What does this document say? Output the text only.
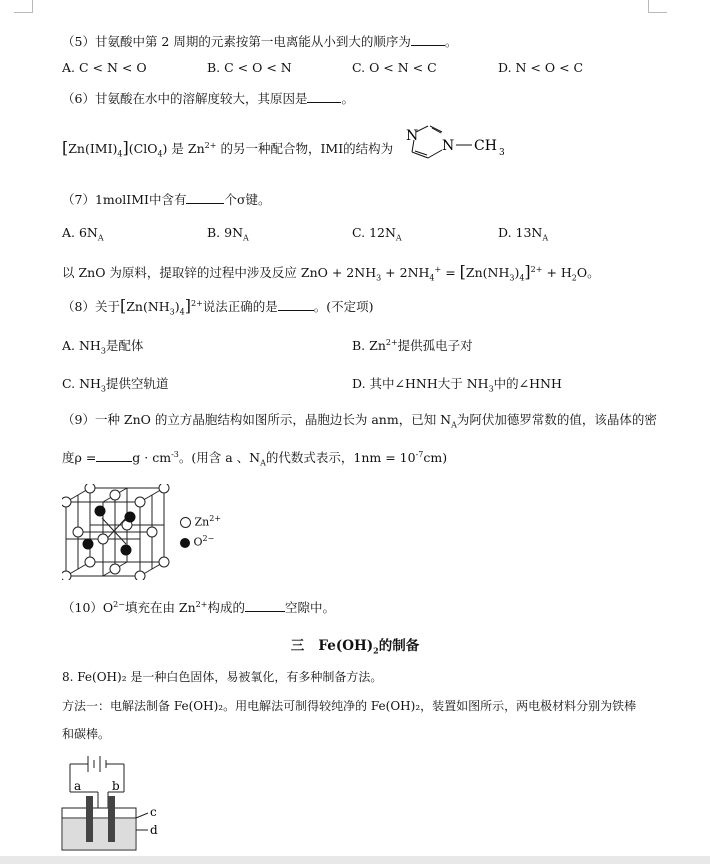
（5）甘氨酸中第 2 周期的元素按第一电离能从小到大的顺序为	。
A. C < N < O	B. C < O < N	C. O < N < C	D. N < O < C
（6）甘氨酸在水中的溶解度较大，其原因是	。
$[Zn(IMI)_4](ClO_4)$ 是 $Zn^{2+}$ 的另一种配合物，IMI的结构为
N
N CH 3
（7）1molIMI中含有	个σ键。
A. $6N_A$	B. $9N_A$	C. $12N_A$	D. $13N_A$
以 ZnO 为原料，提取锌的过程中涉及反应 ZnO + $2NH_3 + 2NH_4^+ = [Zn(NH_3)_4]^{2+} + H_2O$。
（8）关于$[Zn(NH_3)_4]^{2+}$说法正确的是	。(不定项)
A. $NH_3$是配体	B. $Zn^{2+}$提供孤电子对
C. $NH_3$提供空轨道	D. 其中∠HNH大于 $NH_3$中的∠HNH
（9）一种 ZnO 的立方晶胞结构如图所示，晶胞边长为 anm，已知 $N_A$为阿伏加德罗常数的值，该晶体的密
度ρ =	$g \cdot cm^{-3}$。(用含 a 、$N_A$的代数式表示，$1nm = 10^{-7}cm$)
$Zn^{2+}$
$O^{2-}$
$(10)O^{2-}$填充在由 $Zn^{2+}$构成的	空隙中。
三 $Fe(OH)_2$的制备
8. Fe(OH)₂ 是一种白色固体，易被氧化，有多种制备方法。
方法一：电解法制备 Fe(OH)₂。用电解法可制得较纯净的 Fe(OH)₂，装置如图所示，两电极材料分别为铁棒
和碳棒。
a	b
c
d
